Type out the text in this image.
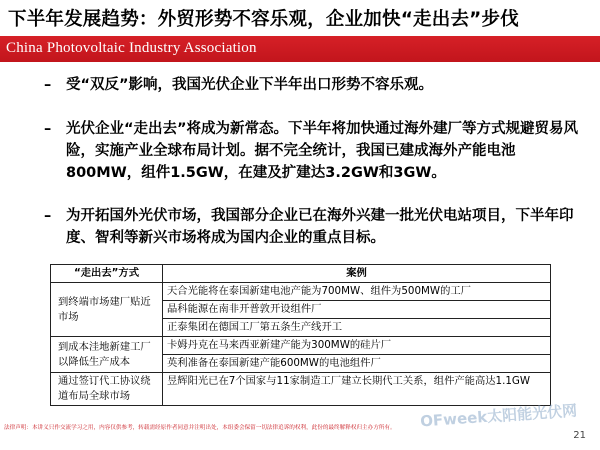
下半年发展趋势：外贸形势不容乐观，企业加快“走出去”步伐
China Photovoltaic Industry Association
–	受“双反”影响，我国光伏企业下半年出口形势不容乐观。
–	光伏企业“走出去”将成为新常态。下半年将加快通过海外建厂等方式规避贸易风险，实施产业全球布局计划。据不完全统计，我国已建成海外产能电池800MW，组件1.5GW，在建及扩建达3.2GW和3GW。
–	为开拓国外光伏市场，我国部分企业已在海外兴建一批光伏电站项目，下半年印度、智利等新兴市场将成为国内企业的重点目标。
“走出去”方式	案例
到终端市场建厂贴近市场	天合光能将在泰国新建电池产能为700MW、组件为500MW的工厂
	晶科能源在南非开普敦开设组件厂
	正泰集团在德国工厂第五条生产线开工
到成本洼地新建工厂以降低生产成本	卡姆丹克在马来西亚新建产能为300MW的硅片厂
	英利准备在泰国新建产能600MW的电池组件厂
通过签订代工协议绕道布局全球市场	昱辉阳光已在7个国家与11家制造工厂建立长期代工关系，组件产能高达1.1GW
OFweek太阳能光伏网
法律声明：本讲义只作交流学习之用，内容仅供参考，转载需经原作者同意并注明出处，本组委会保留一切法律追诉的权利，此份的最终解释权归主办方所有。
21
